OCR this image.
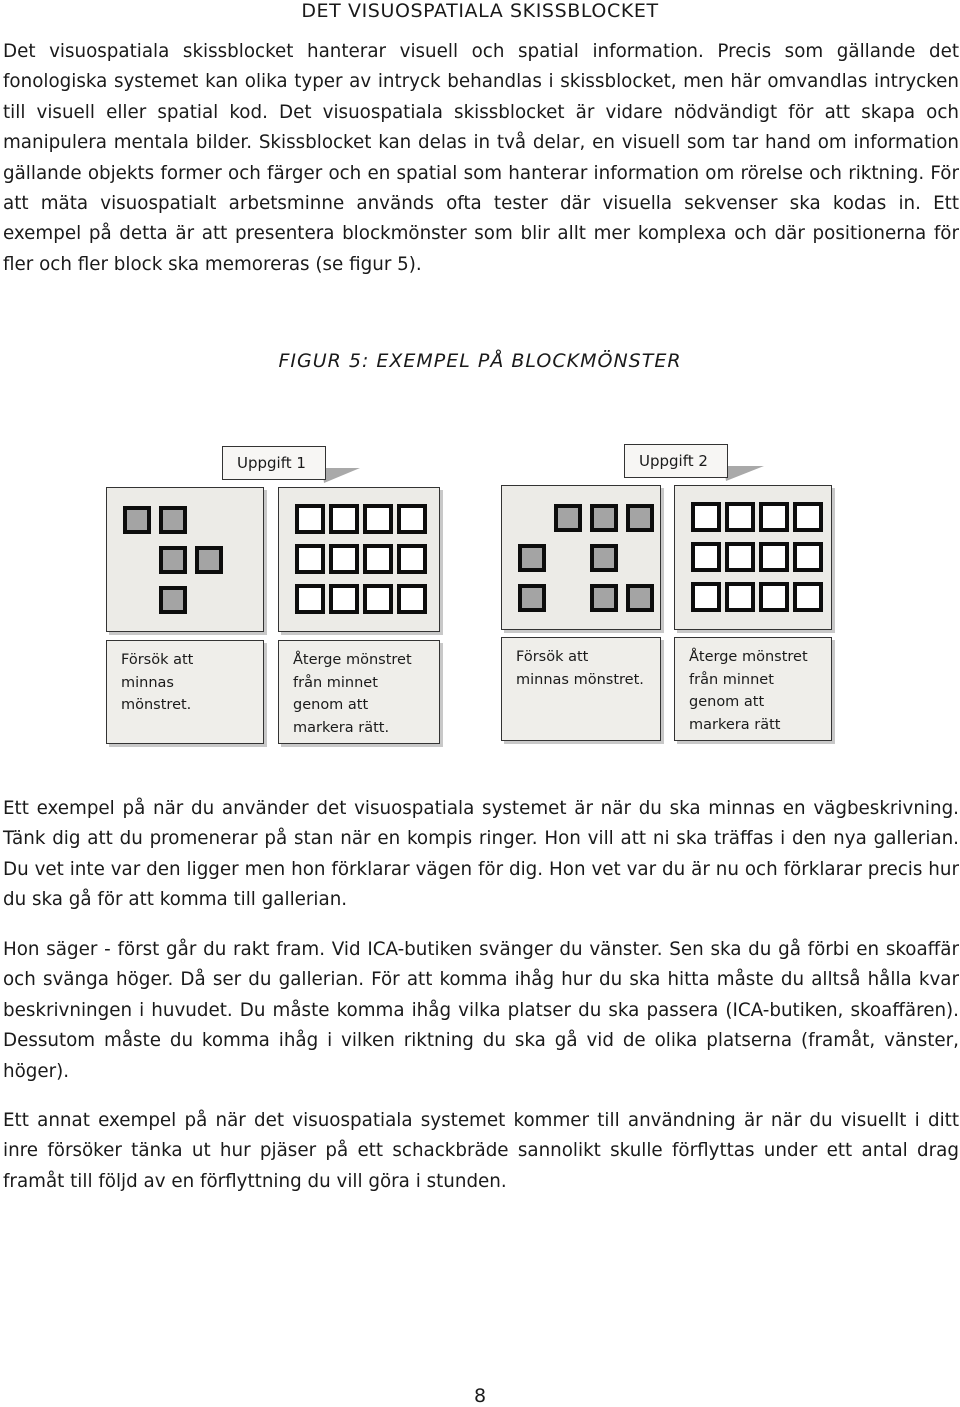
DET VISUOSPATIALA SKISSBLOCKET

Det visuospatiala skissblocket hanterar visuell och spatial information. Precis som gällande det fonologiska systemet kan olika typer av intryck behandlas i skissblocket, men här omvandlas intrycken till visuell eller spatial kod. Det visuospatiala skissblocket är vidare nödvändigt för att skapa och manipulera mentala bilder. Skissblocket kan delas in två delar, en visuell som tar hand om information gällande objekts former och färger och en spatial som hanterar information om rörelse och riktning. För att mäta visuospatialt arbetsminne används ofta tester där visuella sekvenser ska kodas in. Ett exempel på detta är att presentera blockmönster som blir allt mer komplexa och där positionerna för fler och fler block ska memoreras (se figur 5).

FIGUR 5: EXEMPEL PÅ BLOCKMÖNSTER
Uppgift 1	Uppgift 2
Försök att
minnas
mönstret.
Återge mönstret
från minnet
genom att
markera rätt.
Försök att
minnas mönstret.
Återge mönstret
från minnet
genom att
markera rätt

Ett exempel på när du använder det visuospatiala systemet är när du ska minnas en vägbeskrivning. Tänk dig att du promenerar på stan när en kompis ringer. Hon vill att ni ska träffas i den nya gallerian. Du vet inte var den ligger men hon förklarar vägen för dig. Hon vet var du är nu och förklarar precis hur du ska gå för att komma till gallerian.

Hon säger - först går du rakt fram. Vid ICA-butiken svänger du vänster. Sen ska du gå förbi en skoaffär och svänga höger. Då ser du gallerian. För att komma ihåg hur du ska hitta måste du alltså hålla kvar beskrivningen i huvudet. Du måste komma ihåg vilka platser du ska passera (ICA-butiken, skoaffären). Dessutom måste du komma ihåg i vilken riktning du ska gå vid de olika platserna (framåt, vänster, höger).

Ett annat exempel på när det visuospatiala systemet kommer till användning är när du visuellt i ditt inre försöker tänka ut hur pjäser på ett schackbräde sannolikt skulle förflyttas under ett antal drag framåt till följd av en förflyttning du vill göra i stunden.

8
